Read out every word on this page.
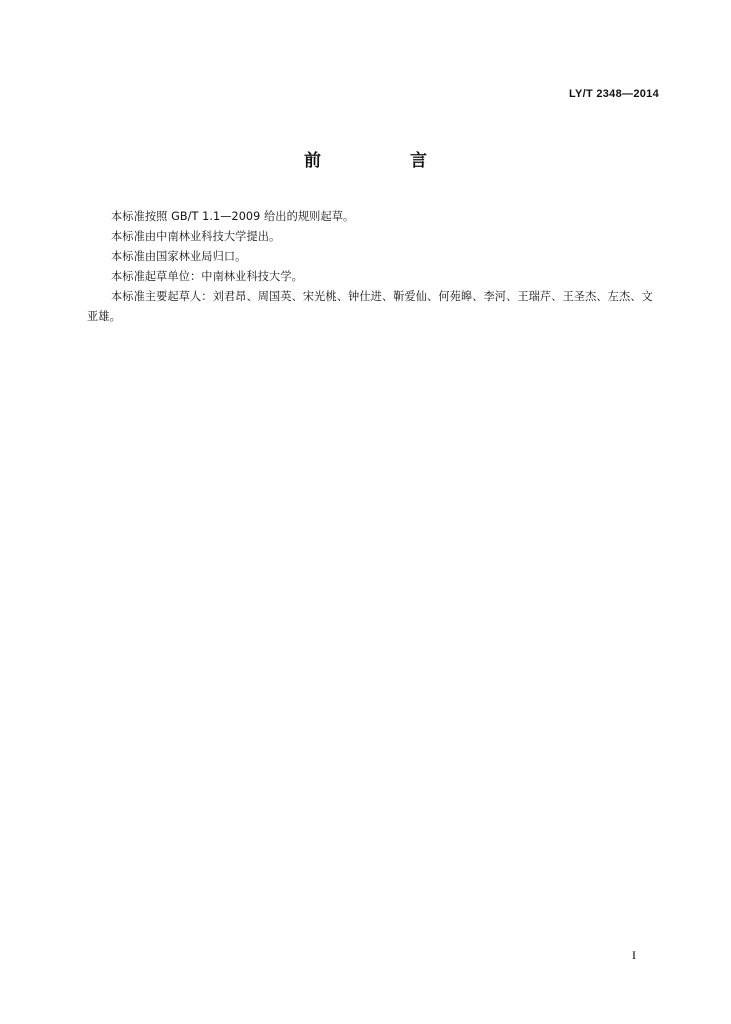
LY/T 2348—2014
前　言

本标准按照 GB/T 1.1—2009 给出的规则起草。

本标准由中南林业科技大学提出。

本标准由国家林业局归口。

本标准起草单位：中南林业科技大学。

本标准主要起草人：刘君昂、周国英、宋光桃、钟仕进、靳爱仙、何苑皞、李河、王瑞芹、王圣杰、左杰、文亚雄。

I
